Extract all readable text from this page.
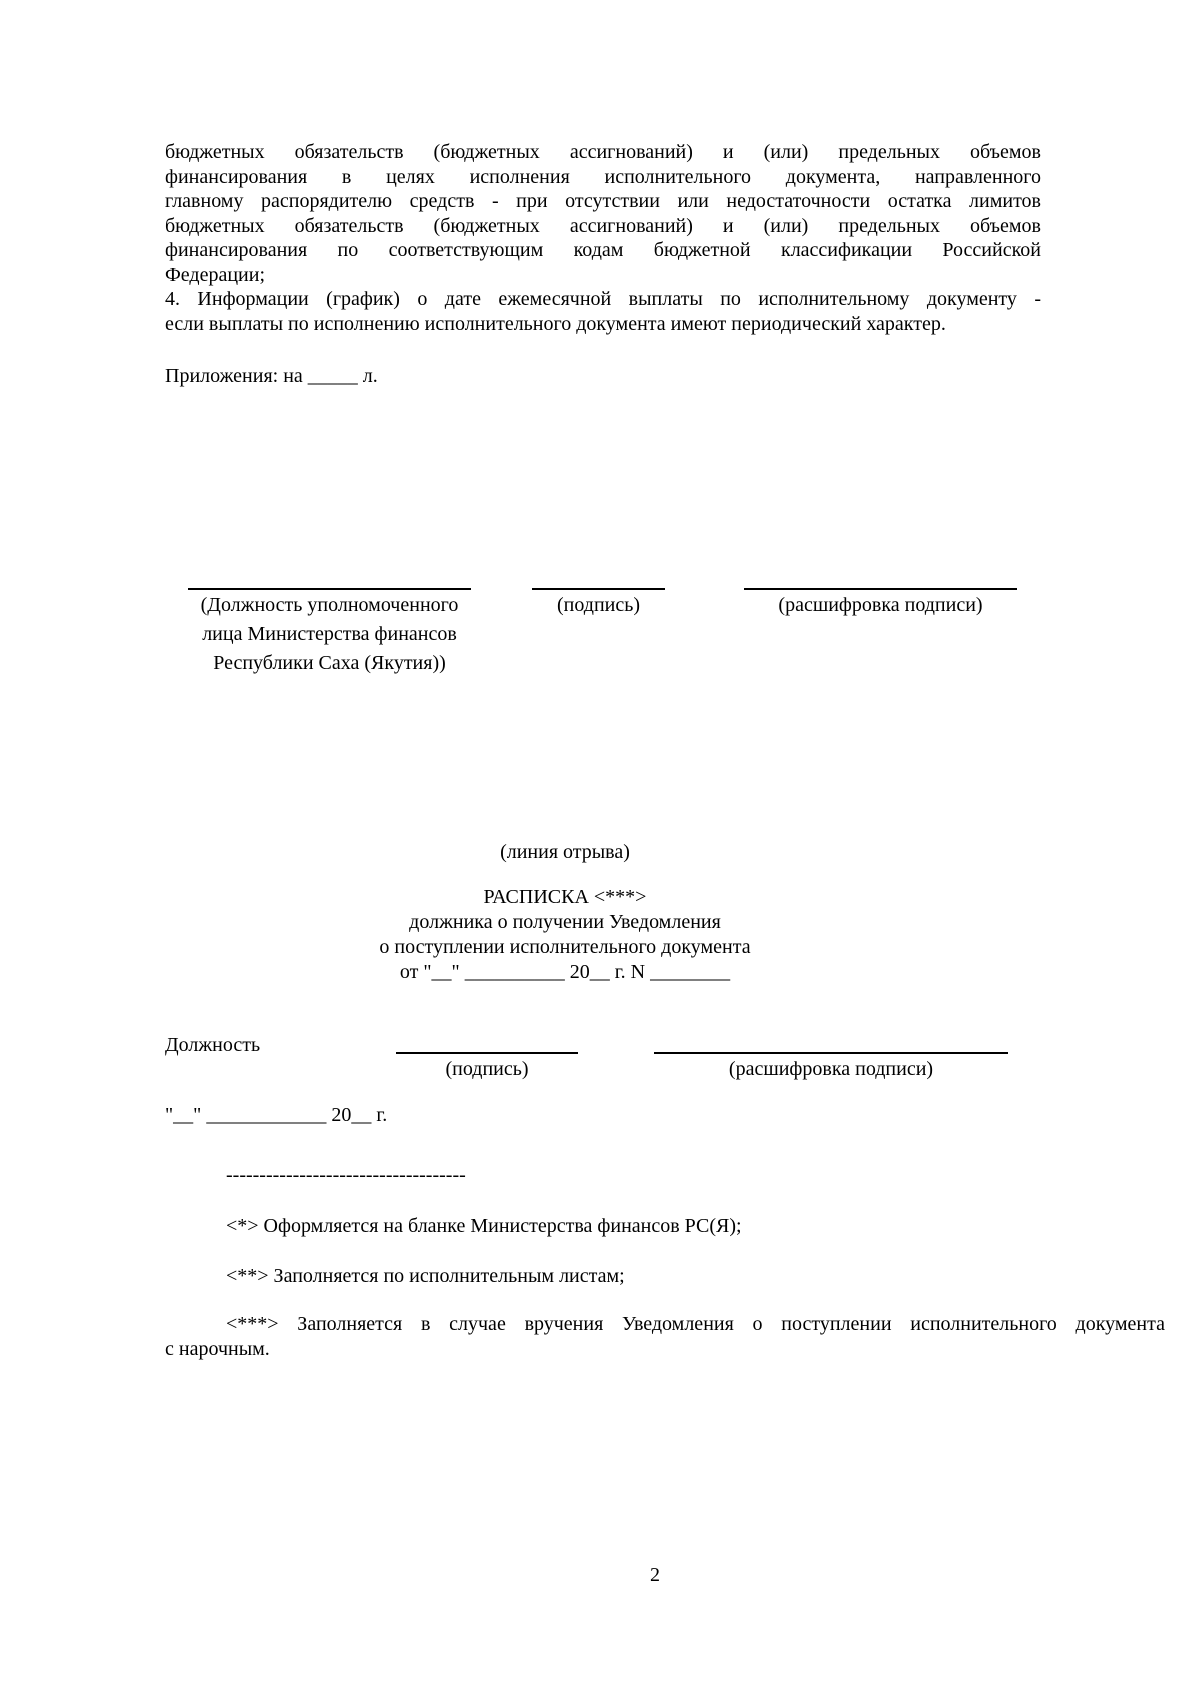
бюджетных обязательств (бюджетных ассигнований) и (или) предельных объемов
финансирования в целях исполнения исполнительного документа, направленного
главному распорядителю средств - при отсутствии или недостаточности остатка лимитов
бюджетных обязательств (бюджетных ассигнований) и (или) предельных объемов
финансирования по соответствующим кодам бюджетной классификации Российской
Федерации;
4. Информации (график) о дате ежемесячной выплаты по исполнительному документу -
если выплаты по исполнению исполнительного документа имеют периодический характер.
Приложения: на _____ л.
(Должность уполномоченного
лица Министерства финансов
Республики Саха (Якутия))
(подпись)	(расшифровка подписи)
(линия отрыва)
РАСПИСКА <***>
должника о получении Уведомления
о поступлении исполнительного документа
от "__" __________ 20__ г. N ________
Должность
(подпись)	(расшифровка подписи)
"__" ____________ 20__ г.
------------------------------------
<*> Оформляется на бланке Министерства финансов РС(Я);
<**> Заполняется по исполнительным листам;
<***> Заполняется в случае вручения Уведомления о поступлении исполнительного документа
с нарочным.
2
